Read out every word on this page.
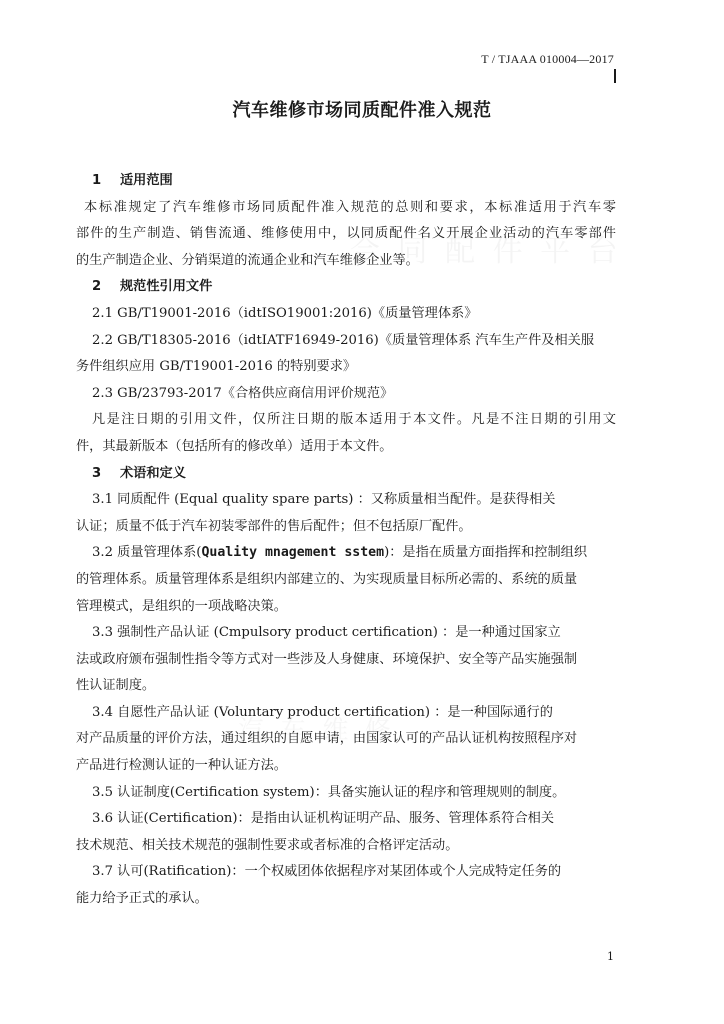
T / TJAAA 010004—2017
汽车维修市场同质配件准入规范
1 适用范围
本标准规定了汽车维修市场同质配件准入规范的总则和要求，本标准适用于汽车零
部件的生产制造、销售流通、维修使用中，以同质配件名义开展企业活动的汽车零部件
的生产制造企业、分销渠道的流通企业和汽车维修企业等。
2 规范性引用文件
2.1 GB/T19001-2016（idtISO19001:2016)《质量管理体系》
2.2 GB/T18305-2016（idtIATF16949-2016)《质量管理体系 汽车生产件及相关服
务件组织应用 GB/T19001-2016 的特别要求》
2.3 GB/23793-2017《合格供应商信用评价规范》
凡是注日期的引用文件，仅所注日期的版本适用于本文件。凡是不注日期的引用文
件，其最新版本（包括所有的修改单）适用于本文件。
3 术语和定义
3.1 同质配件 (Equal quality spare parts) ：又称质量相当配件。是获得相关
认证；质量不低于汽车初装零部件的售后配件；但不包括原厂配件。
3.2 质量管理体系(Quality mnagement sstem)：是指在质量方面指挥和控制组织
的管理体系。质量管理体系是组织内部建立的、为实现质量目标所必需的、系统的质量
管理模式，是组织的一项战略决策。
3.3 强制性产品认证 (Cmpulsory product certification) ：是一种通过国家立
法或政府颁布强制性指令等方式对一些涉及人身健康、环境保护、安全等产品实施强制
性认证制度。
3.4 自愿性产品认证 (Voluntary product certification) ：是一种国际通行的
对产品质量的评价方法，通过组织的自愿申请，由国家认可的产品认证机构按照程序对
产品进行检测认证的一种认证方法。
3.5 认证制度(Certification system)：具备实施认证的程序和管理规则的制度。
3.6 认证(Certification)：是指由认证机构证明产品、服务、管理体系符合相关
技术规范、相关技术规范的强制性要求或者标准的合格评定活动。
3.7 认可(Ratification)：一个权威团体依据程序对某团体或个人完成特定任务的
能力给予正式的承认。
1
